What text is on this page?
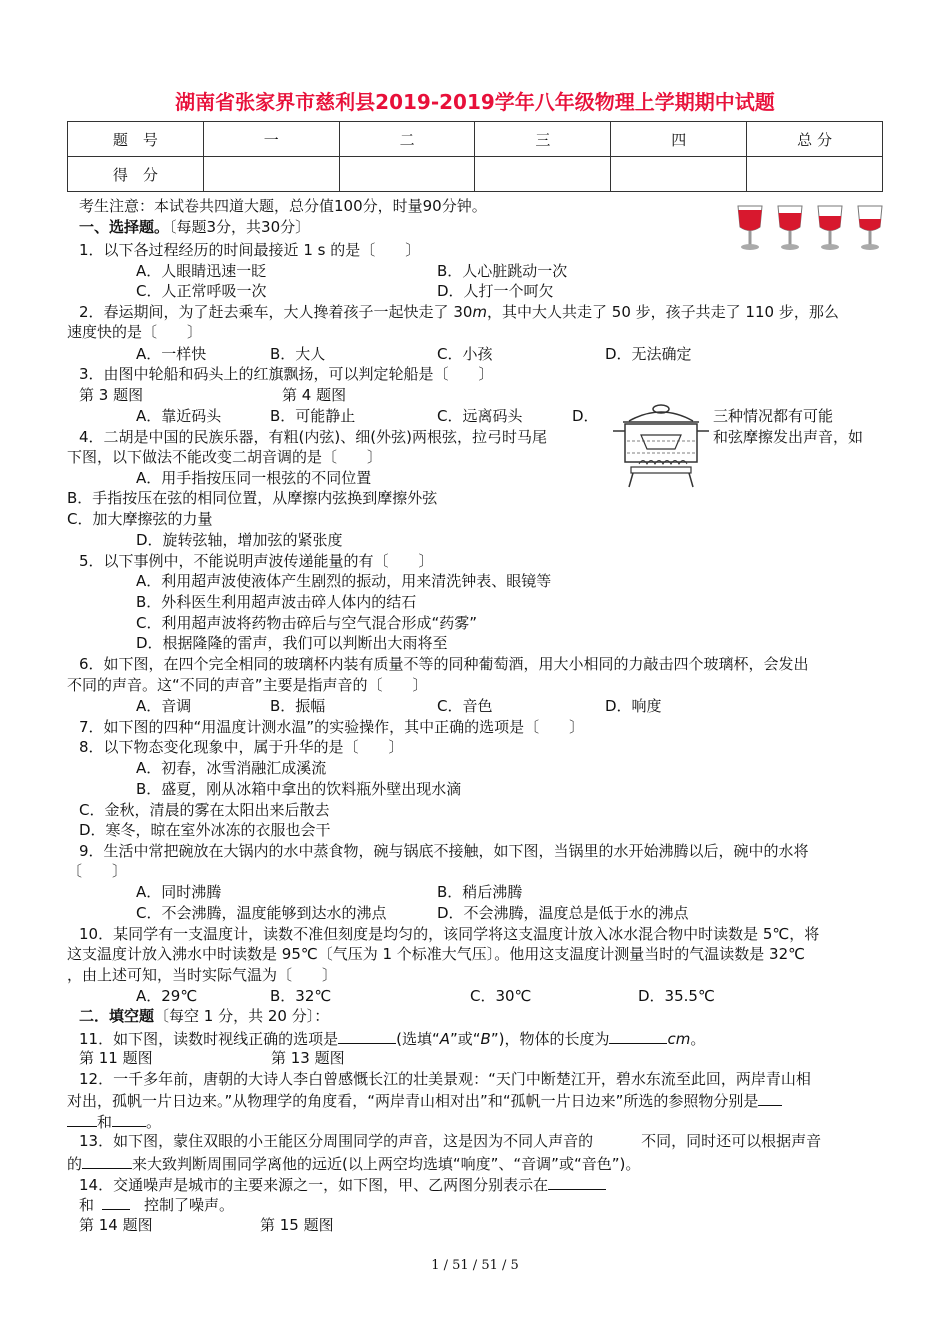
湖南省张家界市慈利县2019-2019学年八年级物理上学期期中试题
题　号	一	二	三	四	总 分
得　分					
考生注意：本试卷共四道大题，总分值100分，时量90分钟。
一、选择题。〔每题3分，共30分〕
1．以下各过程经历的时间最接近 1 s 的是〔　　〕
A．人眼睛迅速一眨	B．人心脏跳动一次
C．人正常呼吸一次	D．人打一个呵欠
2．春运期间，为了赶去乘车，大人搀着孩子一起快走了 30m，其中大人共走了 50 步，孩子共走了 110 步，那么
速度快的是〔　　〕
A．一样快	B．大人	C．小孩	D．无法确定
3．由图中轮船和码头上的红旗飘扬，可以判定轮船是〔　　〕
第 3 题图	第 4 题图
A．靠近码头	B．可能静止	C．远离码头	D．	三种情况都有可能
4．二胡是中国的民族乐器，有粗(内弦)、细(外弦)两根弦，拉弓时马尾	和弦摩擦发出声音，如
下图，以下做法不能改变二胡音调的是〔　　〕
A．用手指按压同一根弦的不同位置
B．手指按压在弦的相同位置，从摩擦内弦换到摩擦外弦
C．加大摩擦弦的力量
D．旋转弦轴，增加弦的紧张度
5．以下事例中，不能说明声波传递能量的有〔　　〕
A．利用超声波使液体产生剧烈的振动，用来清洗钟表、眼镜等
B．外科医生利用超声波击碎人体内的结石
C．利用超声波将药物击碎后与空气混合形成“药雾”
D．根据隆隆的雷声，我们可以判断出大雨将至
6．如下图，在四个完全相同的玻璃杯内装有质量不等的同种葡萄酒，用大小相同的力敲击四个玻璃杯，会发出
不同的声音。这“不同的声音”主要是指声音的〔　　〕
A．音调	B．振幅	C．音色	D．响度
7．如下图的四种“用温度计测水温”的实验操作，其中正确的选项是〔　　〕
8．以下物态变化现象中，属于升华的是〔　　〕
A．初春，冰雪消融汇成溪流
B．盛夏，刚从冰箱中拿出的饮料瓶外壁出现水滴
C．金秋，清晨的雾在太阳出来后散去
D．寒冬，晾在室外冰冻的衣服也会干
9．生活中常把碗放在大锅内的水中蒸食物，碗与锅底不接触，如下图，当锅里的水开始沸腾以后，碗中的水将
〔　　〕
A．同时沸腾	B．稍后沸腾
C．不会沸腾，温度能够到达水的沸点	D．不会沸腾，温度总是低于水的沸点
10．某同学有一支温度计，读数不准但刻度是均匀的，该同学将这支温度计放入冰水混合物中时读数是 5℃，将
这支温度计放入沸水中时读数是 95℃〔气压为 1 个标准大气压〕。他用这支温度计测量当时的气温读数是 32℃
，由上述可知，当时实际气温为〔　　〕
A．29℃	B．32℃	C．30℃	D．35.5℃
二．填空题〔每空 1 分，共 20 分〕：
11．如下图，读数时视线正确的选项是	(选填“A”或“B”)，物体的长度为	cm。
第 11 题图	第 13 题图
12．一千多年前，唐朝的大诗人李白曾感慨长江的壮美景观：“天门中断楚江开，碧水东流至此回，两岸青山相
对出，孤帆一片日边来。”从物理学的角度看，“两岸青山相对出”和“孤帆一片日边来”所选的参照物分别是
和 。
13．如下图，蒙住双眼的小王能区分周围同学的声音，这是因为不同人声音的	不同，同时还可以根据声音
的	来大致判断周围同学离他的远近(以上两空均选填“响度”、“音调”或“音色”)。
14．交通噪声是城市的主要来源之一，如下图，甲、乙两图分别表示在
和	控制了噪声。
第 14 题图	第 15 题图
1 / 51 / 51 / 5
